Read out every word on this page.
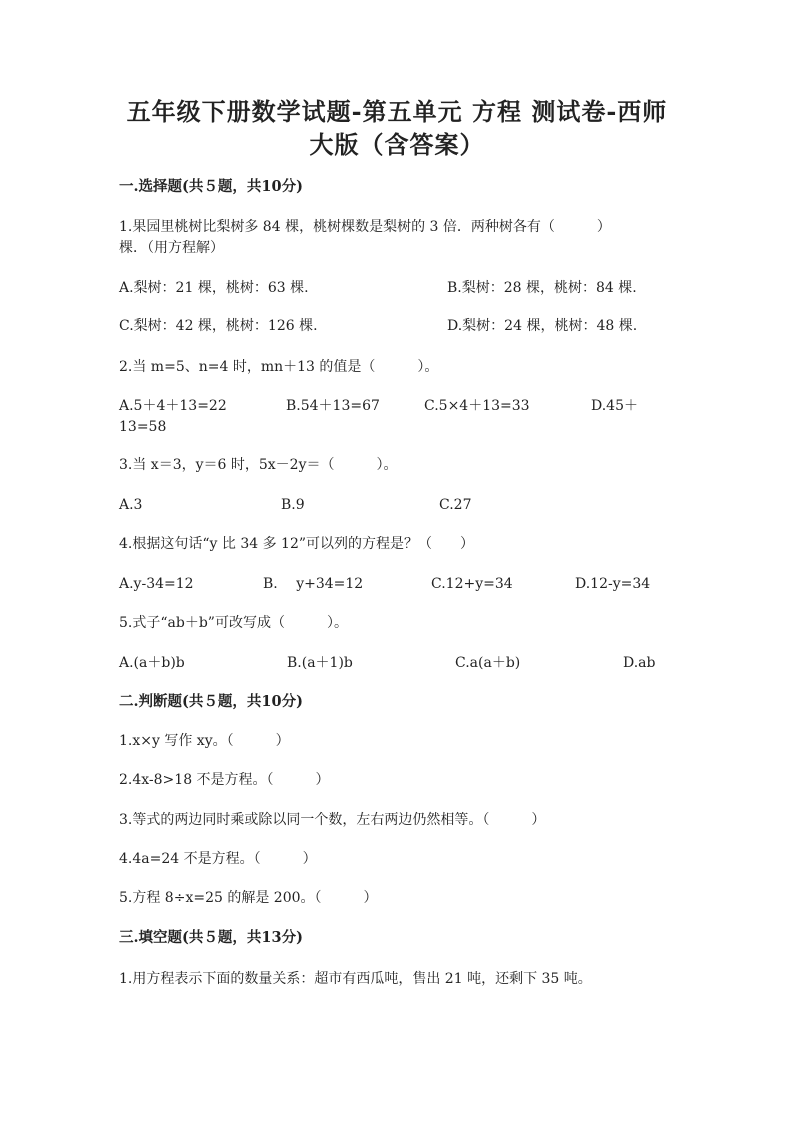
五年级下册数学试题-第五单元 方程 测试卷-西师
大版（含答案）
一.选择题(共５题，共10分)
1.果园里桃树比梨树多 84 棵，桃树棵数是梨树的 3 倍．两种树各有（　　　）
棵．（用方程解）
A.梨树：21 棵，桃树：63 棵.	B.梨树：28 棵，桃树：84 棵.
C.梨树：42 棵，桃树：126 棵.	D.梨树：24 棵，桃树：48 棵.
2.当 m=5、n=4 时，mn＋13 的值是（　　　）。
A.5＋4＋13=22	B.54＋13=67	C.5×4＋13=33	D.45＋
13=58
3.当 x＝3，y＝6 时，5x－2y＝（　　　）。
A.3	B.9	C.27
4.根据这句话“y 比 34 多 12”可以列的方程是？（　　）
A.y-34=12	B.　 y+34=12	C.12+y=34	D.12-y=34
5.式子“ab＋b”可改写成（　　　）。
A.(a＋b)b	B.(a＋1)b	C.a(a＋b)	D.ab
二.判断题(共５题，共10分)
1.x×y 写作 xy。（　　　）
2.4x-8>18 不是方程。（　　　）
3.等式的两边同时乘或除以同一个数，左右两边仍然相等。（　　　）
4.4a=24 不是方程。（　　　）
5.方程 8÷x=25 的解是 200。（　　　）
三.填空题(共５题，共13分)
1.用方程表示下面的数量关系：超市有西瓜吨，售出 21 吨，还剩下 35 吨。
